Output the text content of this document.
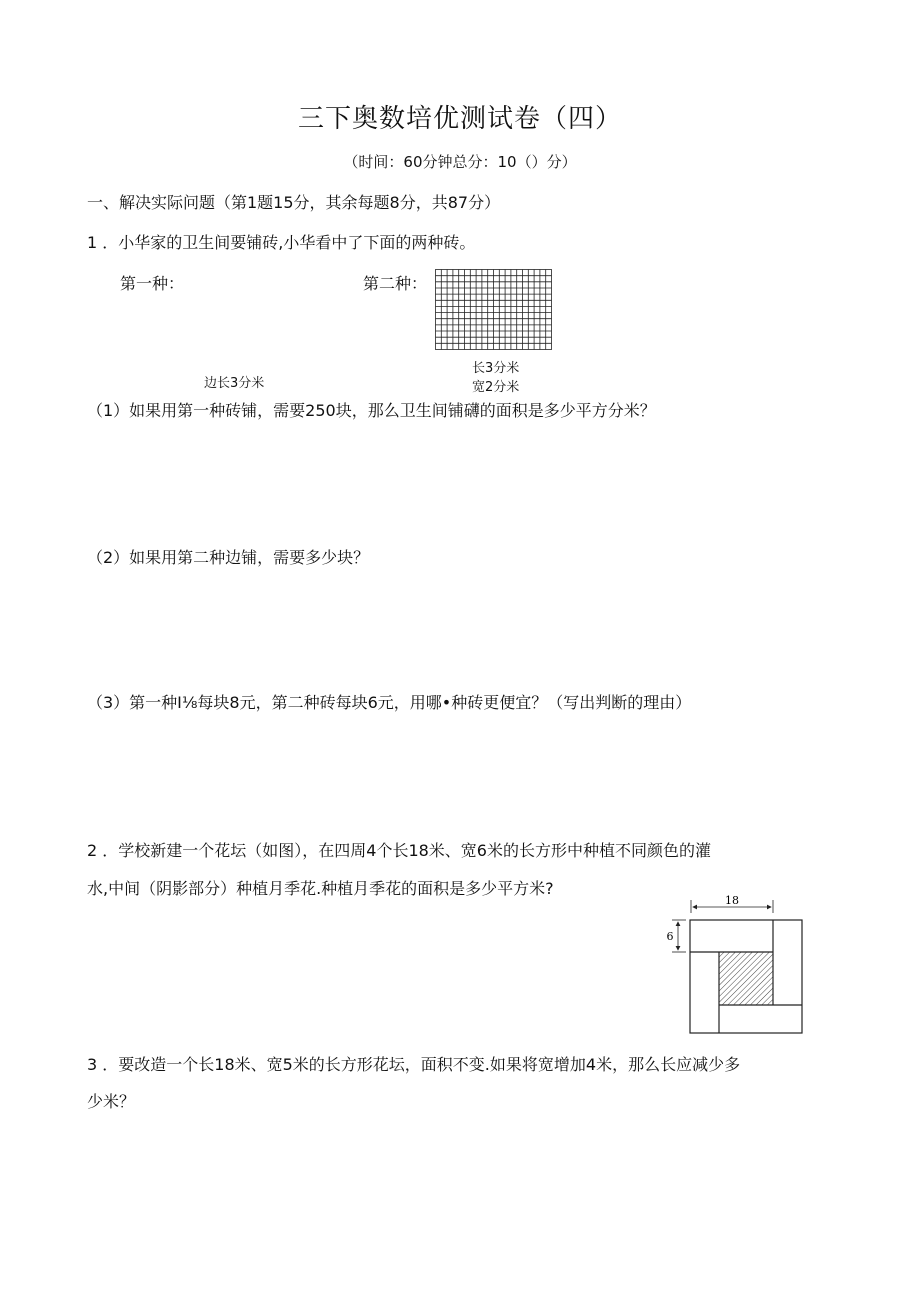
三下奥数培优测试卷（四）
（时间：60分钟总分：10（）分）
一、解决实际问题（第1题15分，其余每题8分，共87分）
1 ．小华家的卫生间要铺砖,小华看中了下面的两种砖。
第一种：
边长3分米
第二种：
长3分米
宽2分米
（1）如果用第一种砖铺，需要250块，那么卫生间铺礴的面积是多少平方分米？
（2）如果用第二种边铺，需要多少块？
（3）第一种I⅛每块8元，第二种砖每块6元，用哪•种砖更便宜？（写出判断的理由）
2 ．学校新建一个花坛（如图），在四周4个长18米、宽6米的长方形中种植不同颜色的灌
水,中间（阴影部分）种植月季花.种植月季花的面积是多少平方米?
18
6
3 ．要改造一个长18米、宽5米的长方形花坛，面积不变.如果将宽增加4米，那么长应减少多
少米？
